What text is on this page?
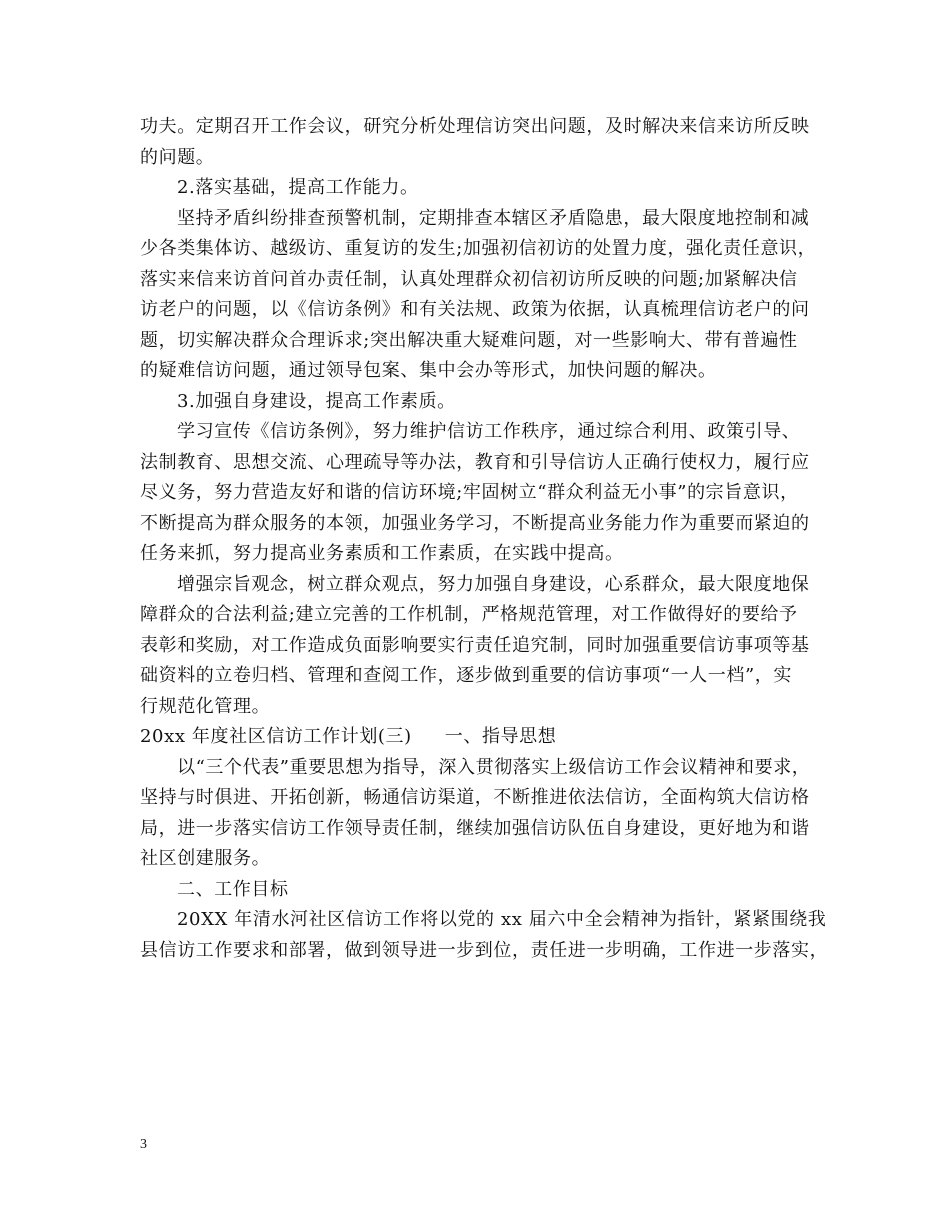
功夫。定期召开工作会议，研究分析处理信访突出问题，及时解决来信来访所反映
的问题。
2.落实基础，提高工作能力。
坚持矛盾纠纷排查预警机制，定期排查本辖区矛盾隐患，最大限度地控制和减
少各类集体访、越级访、重复访的发生;加强初信初访的处置力度，强化责任意识，
落实来信来访首问首办责任制，认真处理群众初信初访所反映的问题;加紧解决信
访老户的问题，以《信访条例》和有关法规、政策为依据，认真梳理信访老户的问
题，切实解决群众合理诉求;突出解决重大疑难问题，对一些影响大、带有普遍性
的疑难信访问题，通过领导包案、集中会办等形式，加快问题的解决。
3.加强自身建设，提高工作素质。
学习宣传《信访条例》，努力维护信访工作秩序，通过综合利用、政策引导、
法制教育、思想交流、心理疏导等办法，教育和引导信访人正确行使权力，履行应
尽义务，努力营造友好和谐的信访环境;牢固树立“群众利益无小事”的宗旨意识，
不断提高为群众服务的本领，加强业务学习，不断提高业务能力作为重要而紧迫的
任务来抓，努力提高业务素质和工作素质，在实践中提高。
增强宗旨观念，树立群众观点，努力加强自身建设，心系群众，最大限度地保
障群众的合法利益;建立完善的工作机制，严格规范管理，对工作做得好的要给予
表彰和奖励，对工作造成负面影响要实行责任追究制，同时加强重要信访事项等基
础资料的立卷归档、管理和查阅工作，逐步做到重要的信访事项“一人一档”，实
行规范化管理。
20xx 年度社区信访工作计划(三) 一、指导思想
以“三个代表”重要思想为指导，深入贯彻落实上级信访工作会议精神和要求，
坚持与时俱进、开拓创新，畅通信访渠道，不断推进依法信访，全面构筑大信访格
局，进一步落实信访工作领导责任制，继续加强信访队伍自身建设，更好地为和谐
社区创建服务。
二、工作目标
20XX 年清水河社区信访工作将以党的 xx 届六中全会精神为指针，紧紧围绕我
县信访工作要求和部署，做到领导进一步到位，责任进一步明确，工作进一步落实，
3
